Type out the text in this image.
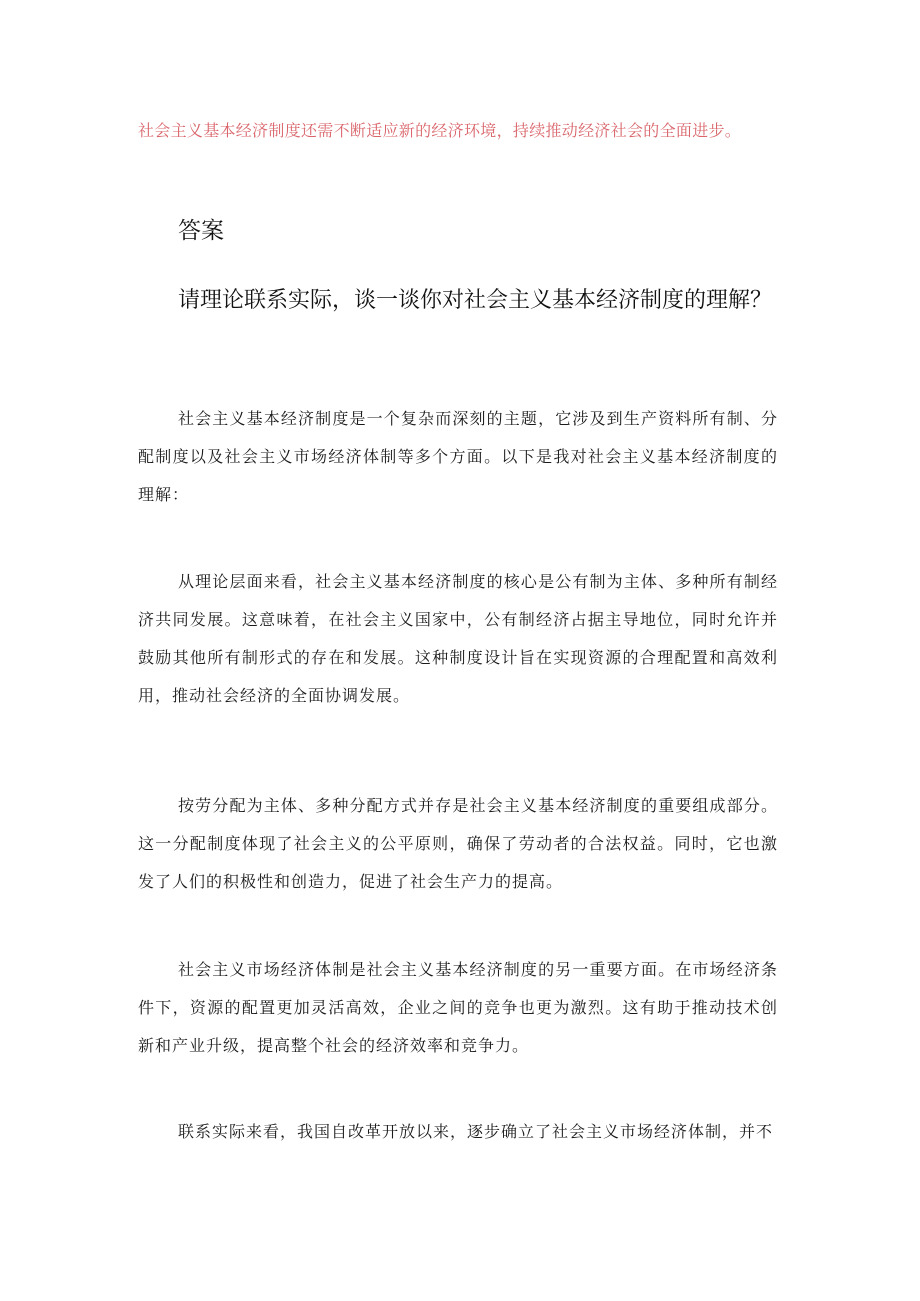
社会主义基本经济制度还需不断适应新的经济环境，持续推动经济社会的全面进步。
答案
请理论联系实际，谈一谈你对社会主义基本经济制度的理解？

社会主义基本经济制度是一个复杂而深刻的主题，它涉及到生产资料所有制、分配制度以及社会主义市场经济体制等多个方面。以下是我对社会主义基本经济制度的理解：

从理论层面来看，社会主义基本经济制度的核心是公有制为主体、多种所有制经济共同发展。这意味着，在社会主义国家中，公有制经济占据主导地位，同时允许并鼓励其他所有制形式的存在和发展。这种制度设计旨在实现资源的合理配置和高效利用，推动社会经济的全面协调发展。

按劳分配为主体、多种分配方式并存是社会主义基本经济制度的重要组成部分。这一分配制度体现了社会主义的公平原则，确保了劳动者的合法权益。同时，它也激发了人们的积极性和创造力，促进了社会生产力的提高。

社会主义市场经济体制是社会主义基本经济制度的另一重要方面。在市场经济条件下，资源的配置更加灵活高效，企业之间的竞争也更为激烈。这有助于推动技术创新和产业升级，提高整个社会的经济效率和竞争力。

联系实际来看，我国自改革开放以来，逐步确立了社会主义市场经济体制，并不
